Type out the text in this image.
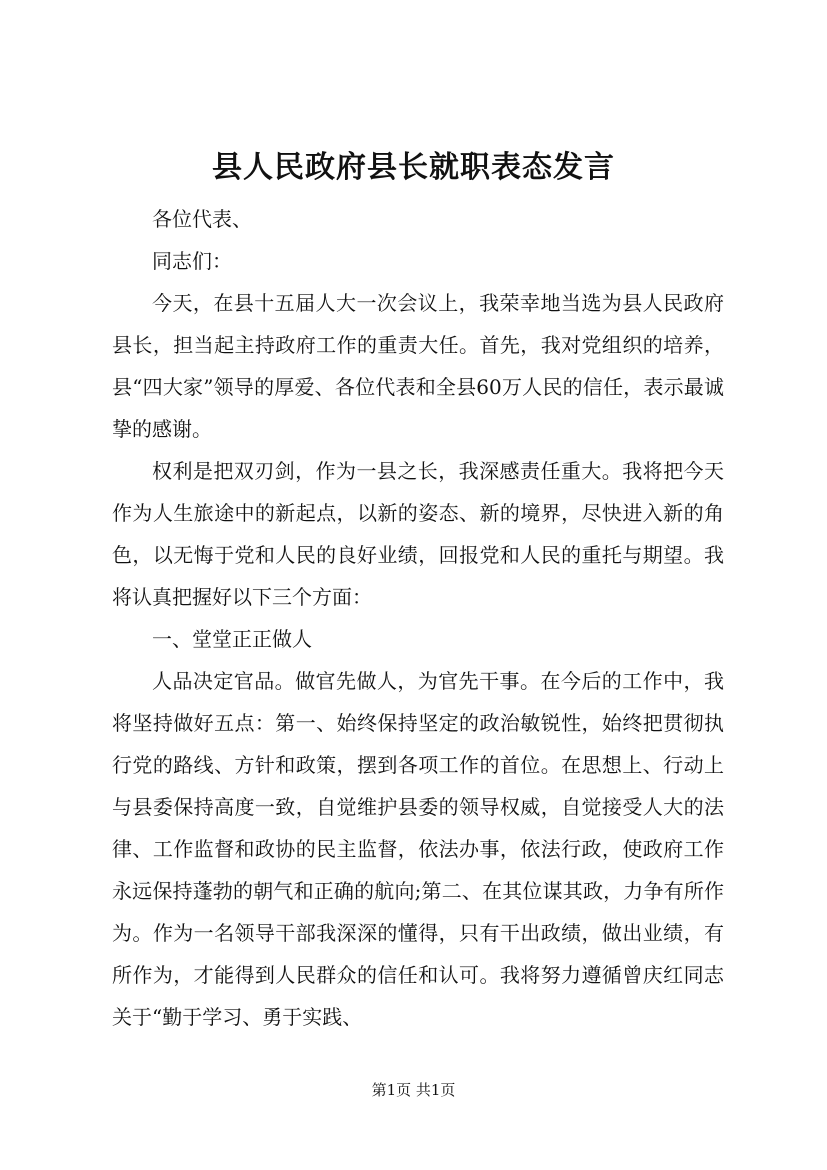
县人民政府县长就职表态发言

各位代表、

同志们：

今天，在县十五届人大一次会议上，我荣幸地当选为县人民政府县长，担当起主持政府工作的重责大任。首先，我对党组织的培养，县“四大家”领导的厚爱、各位代表和全县60万人民的信任，表示最诚挚的感谢。

权利是把双刃剑，作为一县之长，我深感责任重大。我将把今天作为人生旅途中的新起点，以新的姿态、新的境界，尽快进入新的角色，以无悔于党和人民的良好业绩，回报党和人民的重托与期望。我将认真把握好以下三个方面：

一、堂堂正正做人

人品决定官品。做官先做人，为官先干事。在今后的工作中，我将坚持做好五点：第一、始终保持坚定的政治敏锐性，始终把贯彻执行党的路线、方针和政策，摆到各项工作的首位。在思想上、行动上与县委保持高度一致，自觉维护县委的领导权威，自觉接受人大的法律、工作监督和政协的民主监督，依法办事，依法行政，使政府工作永远保持蓬勃的朝气和正确的航向;第二、在其位谋其政，力争有所作为。作为一名领导干部我深深的懂得，只有干出政绩，做出业绩，有所作为，才能得到人民群众的信任和认可。我将努力遵循曾庆红同志关于“勤于学习、勇于实践、

第1页 共1页
